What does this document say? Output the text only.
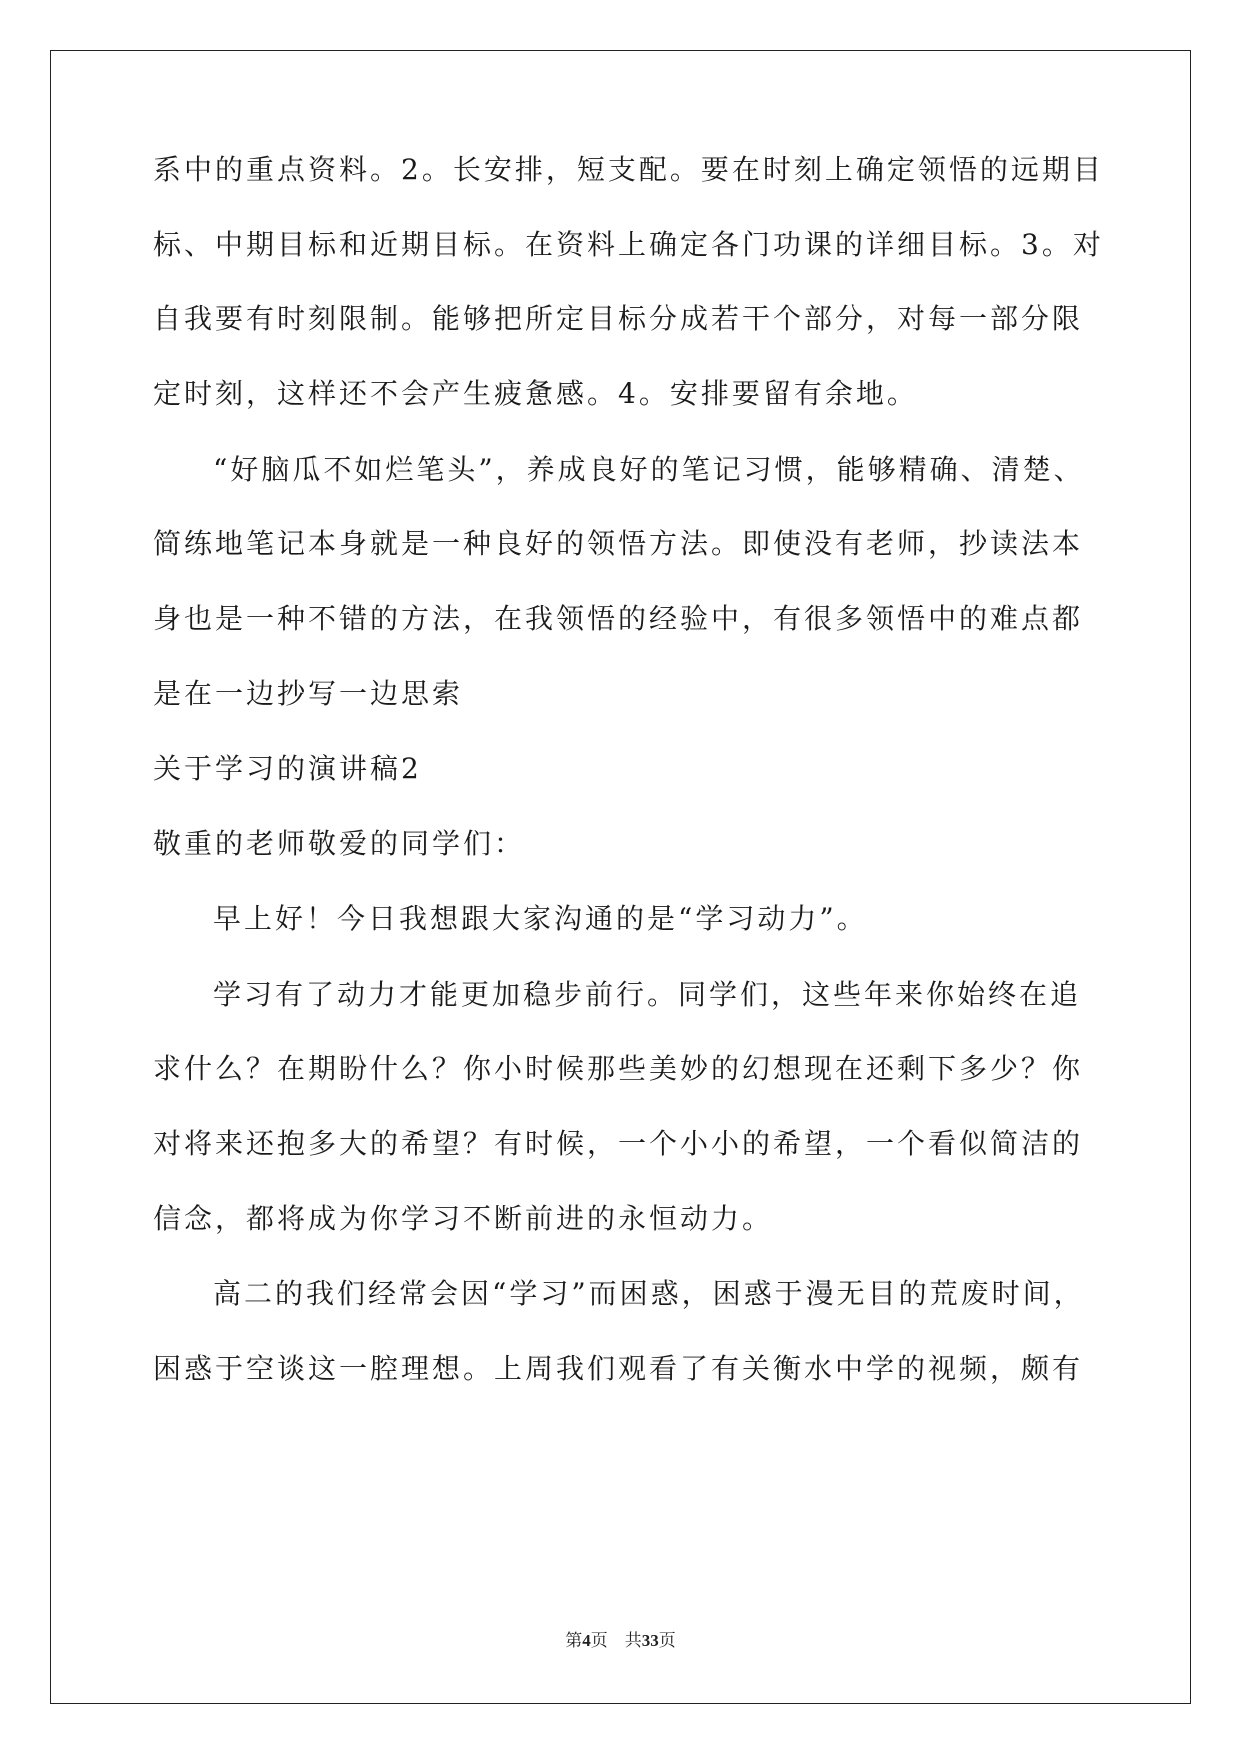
系中的重点资料。2。长安排，短支配。要在时刻上确定领悟的远期目
标、中期目标和近期目标。在资料上确定各门功课的详细目标。3。对
自我要有时刻限制。能够把所定目标分成若干个部分，对每一部分限
定时刻，这样还不会产生疲惫感。4。安排要留有余地。
“好脑瓜不如烂笔头”，养成良好的笔记习惯，能够精确、清楚、
简练地笔记本身就是一种良好的领悟方法。即使没有老师，抄读法本
身也是一种不错的方法，在我领悟的经验中，有很多领悟中的难点都
是在一边抄写一边思索
关于学习的演讲稿2
敬重的老师敬爱的同学们：
早上好！今日我想跟大家沟通的是“学习动力”。
学习有了动力才能更加稳步前行。同学们，这些年来你始终在追
求什么？在期盼什么？你小时候那些美妙的幻想现在还剩下多少？你
对将来还抱多大的希望？有时候，一个小小的希望，一个看似简洁的
信念，都将成为你学习不断前进的永恒动力。
高二的我们经常会因“学习”而困惑，困惑于漫无目的荒废时间，
困惑于空谈这一腔理想。上周我们观看了有关衡水中学的视频，颇有
第4页　共33页
